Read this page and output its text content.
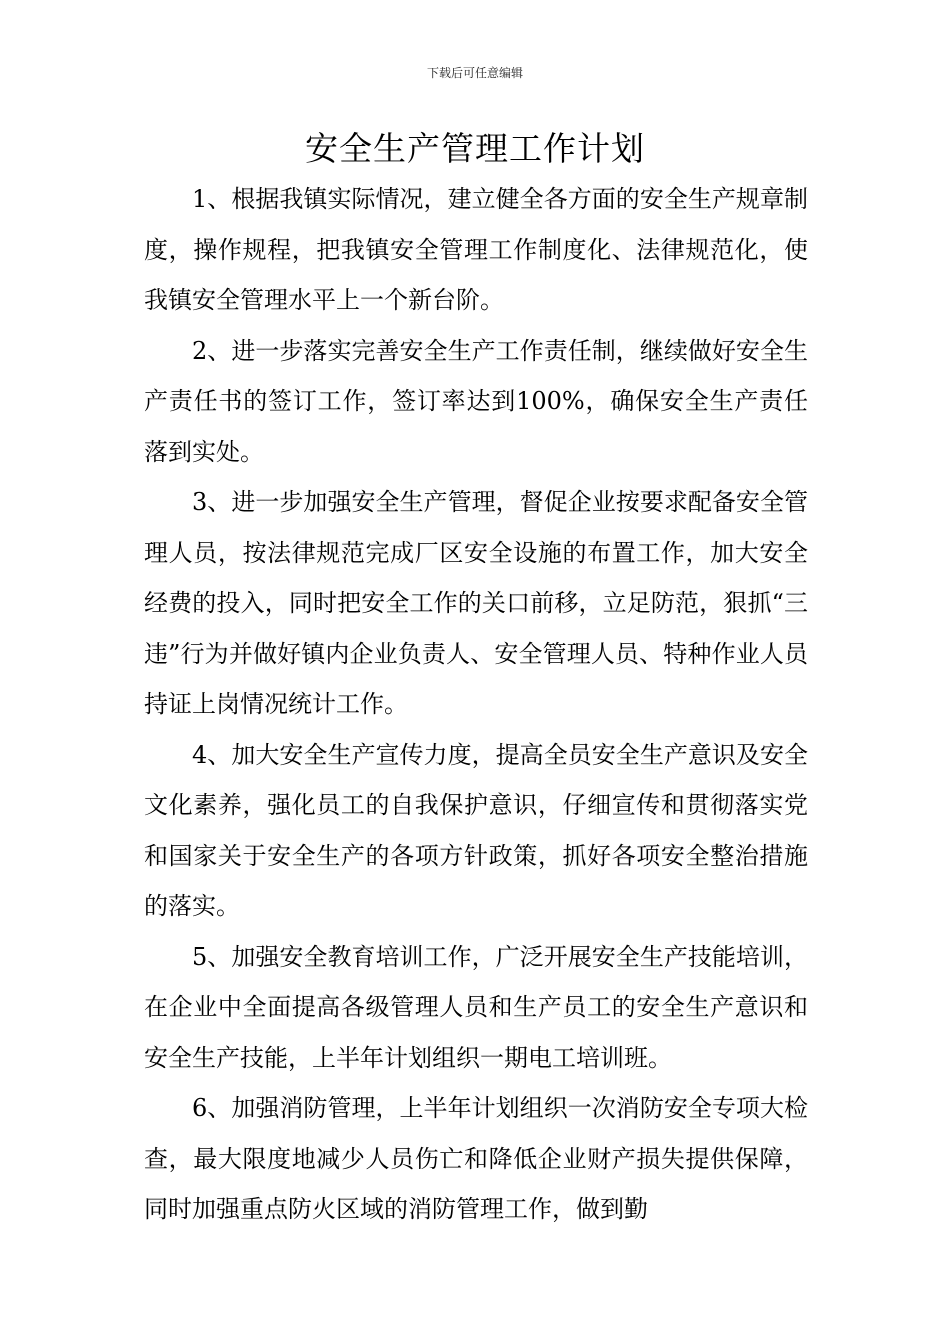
下载后可任意编辑
安全生产管理工作计划

1、根据我镇实际情况，建立健全各方面的安全生产规章制度，操作规程，把我镇安全管理工作制度化、法律规范化，使我镇安全管理水平上一个新台阶。

2、进一步落实完善安全生产工作责任制，继续做好安全生产责任书的签订工作，签订率达到100%，确保安全生产责任落到实处。

3、进一步加强安全生产管理，督促企业按要求配备安全管理人员，按法律规范完成厂区安全设施的布置工作，加大安全经费的投入，同时把安全工作的关口前移，立足防范，狠抓“三违”行为并做好镇内企业负责人、安全管理人员、特种作业人员持证上岗情况统计工作。

4、加大安全生产宣传力度，提高全员安全生产意识及安全文化素养，强化员工的自我保护意识，仔细宣传和贯彻落实党和国家关于安全生产的各项方针政策，抓好各项安全整治措施的落实。

5、加强安全教育培训工作，广泛开展安全生产技能培训，在企业中全面提高各级管理人员和生产员工的安全生产意识和安全生产技能，上半年计划组织一期电工培训班。

6、加强消防管理，上半年计划组织一次消防安全专项大检查，最大限度地减少人员伤亡和降低企业财产损失提供保障，同时加强重点防火区域的消防管理工作，做到勤
